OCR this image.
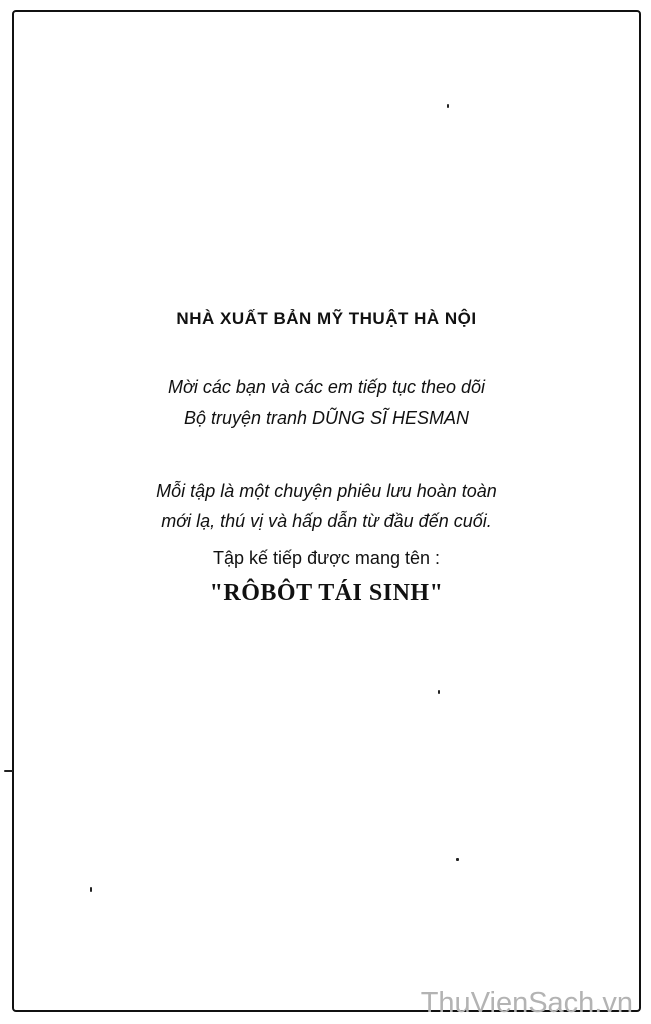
NHÀ XUẤT BẢN MỸ THUẬT HÀ NỘI
Mời các bạn và các em tiếp tục theo dõi
Bộ truyện tranh DŨNG SĨ HESMAN
Mỗi tập là một chuyện phiêu lưu hoàn toàn
mới lạ, thú vị và hấp dẫn từ đầu đến cuối.
Tập kế tiếp được mang tên :
"RÔBÔT TÁI SINH"
ThuVienSach.vn
